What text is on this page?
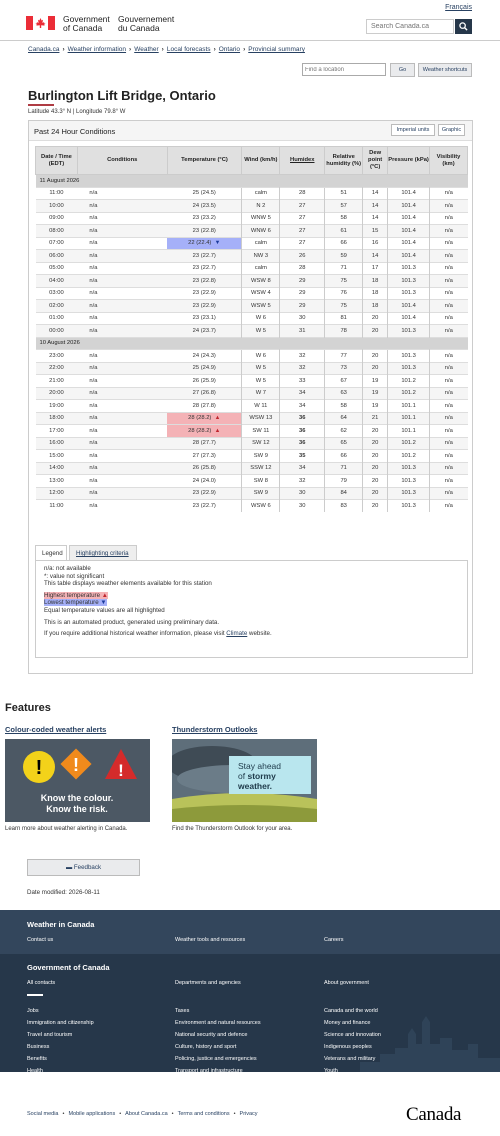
Français
Government
of Canada
Gouvernement
du Canada
Search Canada.ca
Canada.ca › Weather information › Weather › Local forecasts › Ontario › Provincial summary
Find a location
Go	Weather shortcuts
Burlington Lift Bridge, Ontario
Latitude 43.3° N | Longitude 79.8° W
Past 24 Hour Conditions	Imperial units	Graphic
Date / Time (EDT)	Conditions	Temperature (°C)	Wind (km/h)	Humidex	Relative humidity (%)	Dew point (°C)	Pressure (kPa)	Visibility (km)
11 August 2026								
11:00	n/a	25 (24.5)	calm	28	51	14	101.4	n/a
10:00	n/a	24 (23.5)	N 2	27	57	14	101.4	n/a
09:00	n/a	23 (23.2)	WNW 5	27	58	14	101.4	n/a
08:00	n/a	23 (22.8)	WNW 6	27	61	15	101.4	n/a
07:00	n/a	22 (22.4)  ▼	calm	27	66	16	101.4	n/a
06:00	n/a	23 (22.7)	NW 3	26	59	14	101.4	n/a
05:00	n/a	23 (22.7)	calm	28	71	17	101.3	n/a
04:00	n/a	23 (22.8)	WSW 8	29	75	18	101.3	n/a
03:00	n/a	23 (22.9)	WSW 4	29	76	18	101.3	n/a
02:00	n/a	23 (22.9)	WSW 5	29	75	18	101.4	n/a
01:00	n/a	23 (23.1)	W 6	30	81	20	101.4	n/a
00:00	n/a	24 (23.7)	W 5	31	78	20	101.3	n/a
10 August 2026								
23:00	n/a	24 (24.3)	W 6	32	77	20	101.3	n/a
22:00	n/a	25 (24.9)	W 5	32	73	20	101.3	n/a
21:00	n/a	26 (25.9)	W 5	33	67	19	101.2	n/a
20:00	n/a	27 (26.8)	W 7	34	63	19	101.2	n/a
19:00	n/a	28 (27.8)	W 11	34	58	19	101.1	n/a
18:00	n/a	28 (28.2)  ▲	WSW 13	36	64	21	101.1	n/a
17:00	n/a	28 (28.2)  ▲	SW 11	36	62	20	101.1	n/a
16:00	n/a	28 (27.7)	SW 12	36	65	20	101.2	n/a
15:00	n/a	27 (27.3)	SW 9	35	66	20	101.2	n/a
14:00	n/a	26 (25.8)	SSW 12	34	71	20	101.3	n/a
13:00	n/a	24 (24.0)	SW 8	32	79	20	101.3	n/a
12:00	n/a	23 (22.9)	SW 9	30	84	20	101.3	n/a
11:00	n/a	23 (22.7)	WSW 6	30	83	20	101.3	n/a
Legend	Highlighting criteria
n/a: not available
*: value not significant
This table displays weather elements available for this station
Highest temperature ▲
Lowest temperature ▼
Equal temperature values are all highlighted
This is an automated product, generated using preliminary data.
If you require additional historical weather information, please visit Climate website.
Features
Colour-coded weather alerts	Thunderstorm Outlooks
! ! !
Know the colour.
Know the risk.
Stay ahead
of stormy
weather.
Learn more about weather alerting in Canada.	Find the Thunderstorm Outlook for your area.
▬ Feedback
Date modified: 2026-08-11
Weather in Canada
Contact us	Weather tools and resources	Careers
Government of Canada
All contacts	Departments and agencies	About government
Jobs
Immigration and citizenship
Travel and tourism
Business
Benefits
Health
Taxes
Environment and natural resources
National security and defence
Culture, history and sport
Policing, justice and emergencies
Transport and infrastructure
Canada and the world
Money and finance
Science and innovation
Indigenous peoples
Veterans and military
Youth
Social media • Mobile applications • About Canada.ca • Terms and conditions • Privacy	Canada
